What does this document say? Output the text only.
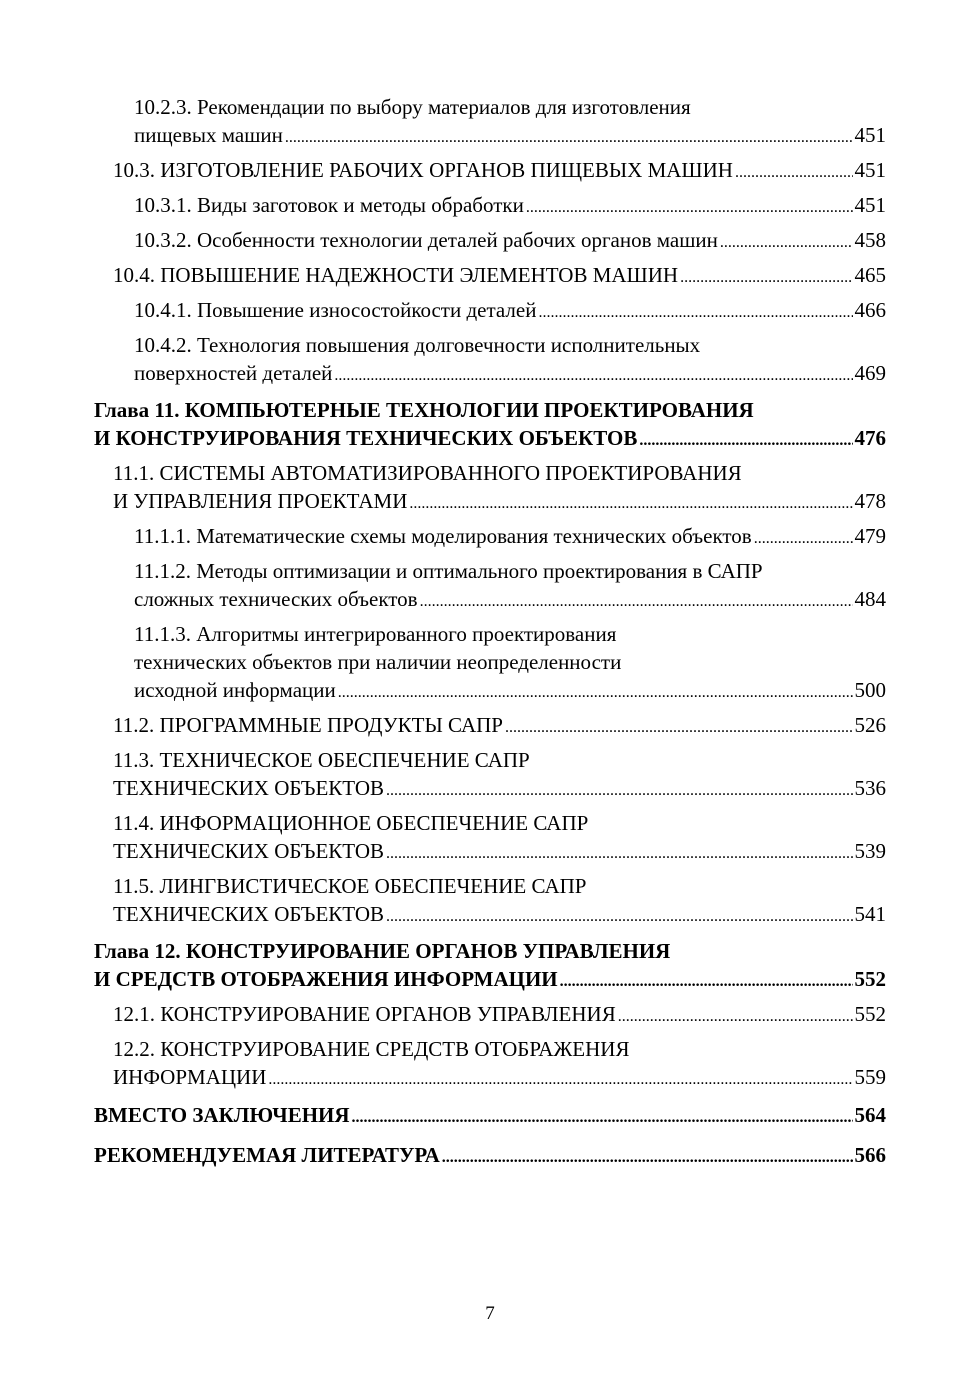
10.2.3. Рекомендации по выбору материалов для изготовления
пищевых машин .....	451
10.3. ИЗГОТОВЛЕНИЕ РАБОЧИХ ОРГАНОВ ПИЩЕВЫХ МАШИН .....	451
10.3.1. Виды заготовок и методы обработки .....	451
10.3.2. Особенности технологии деталей рабочих органов машин .....	458
10.4. ПОВЫШЕНИЕ НАДЕЖНОСТИ ЭЛЕМЕНТОВ МАШИН .....	465
10.4.1. Повышение износостойкости деталей .....	466
10.4.2. Технология повышения долговечности исполнительных
поверхностей деталей .....	469
Глава 11. КОМПЬЮТЕРНЫЕ ТЕХНОЛОГИИ ПРОЕКТИРОВАНИЯ
И КОНСТРУИРОВАНИЯ ТЕХНИЧЕСКИХ ОБЪЕКТОВ .....	476
11.1. СИСТЕМЫ АВТОМАТИЗИРОВАННОГО ПРОЕКТИРОВАНИЯ
И УПРАВЛЕНИЯ ПРОЕКТАМИ .....	478
11.1.1. Математические схемы моделирования технических объектов .....	479
11.1.2. Методы оптимизации и оптимального проектирования в САПР
сложных технических объектов .....	484
11.1.3. Алгоритмы интегрированного проектирования
технических объектов при наличии неопределенности
исходной информации .....	500
11.2. ПРОГРАММНЫЕ ПРОДУКТЫ САПР .....	526
11.3. ТЕХНИЧЕСКОЕ ОБЕСПЕЧЕНИЕ САПР
ТЕХНИЧЕСКИХ ОБЪЕКТОВ .....	536
11.4. ИНФОРМАЦИОННОЕ ОБЕСПЕЧЕНИЕ САПР
ТЕХНИЧЕСКИХ ОБЪЕКТОВ .....	539
11.5. ЛИНГВИСТИЧЕСКОЕ ОБЕСПЕЧЕНИЕ САПР
ТЕХНИЧЕСКИХ ОБЪЕКТОВ .....	541
Глава 12. КОНСТРУИРОВАНИЕ ОРГАНОВ УПРАВЛЕНИЯ
И СРЕДСТВ ОТОБРАЖЕНИЯ ИНФОРМАЦИИ .....	552
12.1. КОНСТРУИРОВАНИЕ ОРГАНОВ УПРАВЛЕНИЯ .....	552
12.2. КОНСТРУИРОВАНИЕ СРЕДСТВ ОТОБРАЖЕНИЯ
ИНФОРМАЦИИ .....	559
ВМЕСТО ЗАКЛЮЧЕНИЯ .....	564
РЕКОМЕНДУЕМАЯ ЛИТЕРАТУРА .....	566
7
